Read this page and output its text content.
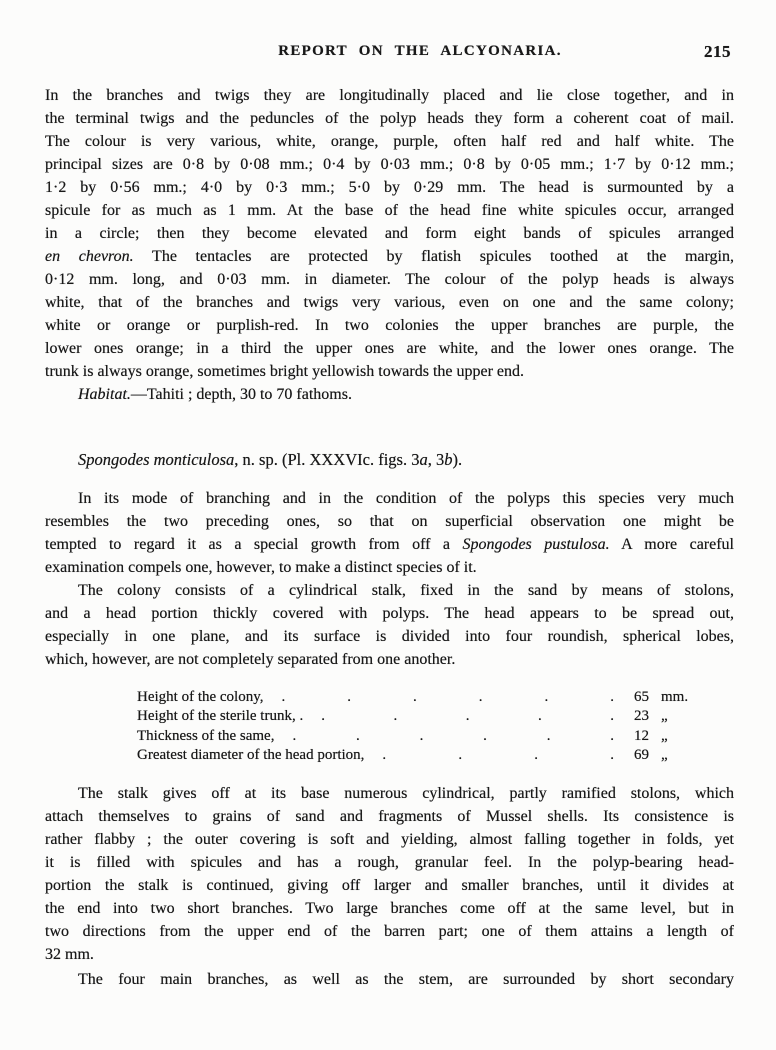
REPORT ON THE ALCYONARIA.	215
In the branches and twigs they are longitudinally placed and lie close together, and in
the terminal twigs and the peduncles of the polyp heads they form a coherent coat of mail.
The colour is very various, white, orange, purple, often half red and half white. The
principal sizes are 0·8 by 0·08 mm.; 0·4 by 0·03 mm.; 0·8 by 0·05 mm.; 1·7 by 0·12 mm.;
1·2 by 0·56 mm.; 4·0 by 0·3 mm.; 5·0 by 0·29 mm. The head is surmounted by a
spicule for as much as 1 mm. At the base of the head fine white spicules occur, arranged
in a circle; then they become elevated and form eight bands of spicules arranged
en chevron. The tentacles are protected by flatish spicules toothed at the margin,
0·12 mm. long, and 0·03 mm. in diameter. The colour of the polyp heads is always
white, that of the branches and twigs very various, even on one and the same colony;
white or orange or purplish-red. In two colonies the upper branches are purple, the
lower ones orange; in a third the upper ones are white, and the lower ones orange. The
trunk is always orange, sometimes bright yellowish towards the upper end.
Habitat.—Tahiti ; depth, 30 to 70 fathoms.
Spongodes monticulosa, n. sp. (Pl. XXXVIc. figs. 3a, 3b).
In its mode of branching and in the condition of the polyps this species very much
resembles the two preceding ones, so that on superficial observation one might be
tempted to regard it as a special growth from off a Spongodes pustulosa. A more careful
examination compels one, however, to make a distinct species of it.
The colony consists of a cylindrical stalk, fixed in the sand by means of stolons,
and a head portion thickly covered with polyps. The head appears to be spread out,
especially in one plane, and its surface is divided into four roundish, spherical lobes,
which, however, are not completely separated from one another.
Height of the colony,	. . . . . .	65 mm.
Height of the sterile trunk, .	. . . . .	23 „
Thickness of the same,	. . . . . .	12 „
Greatest diameter of the head portion,	. . . .	69 „
The stalk gives off at its base numerous cylindrical, partly ramified stolons, which
attach themselves to grains of sand and fragments of Mussel shells. Its consistence is
rather flabby ; the outer covering is soft and yielding, almost falling together in folds, yet
it is filled with spicules and has a rough, granular feel. In the polyp-bearing head-
portion the stalk is continued, giving off larger and smaller branches, until it divides at
the end into two short branches. Two large branches come off at the same level, but in
two directions from the upper end of the barren part; one of them attains a length of
32 mm.
The four main branches, as well as the stem, are surrounded by short secondary
